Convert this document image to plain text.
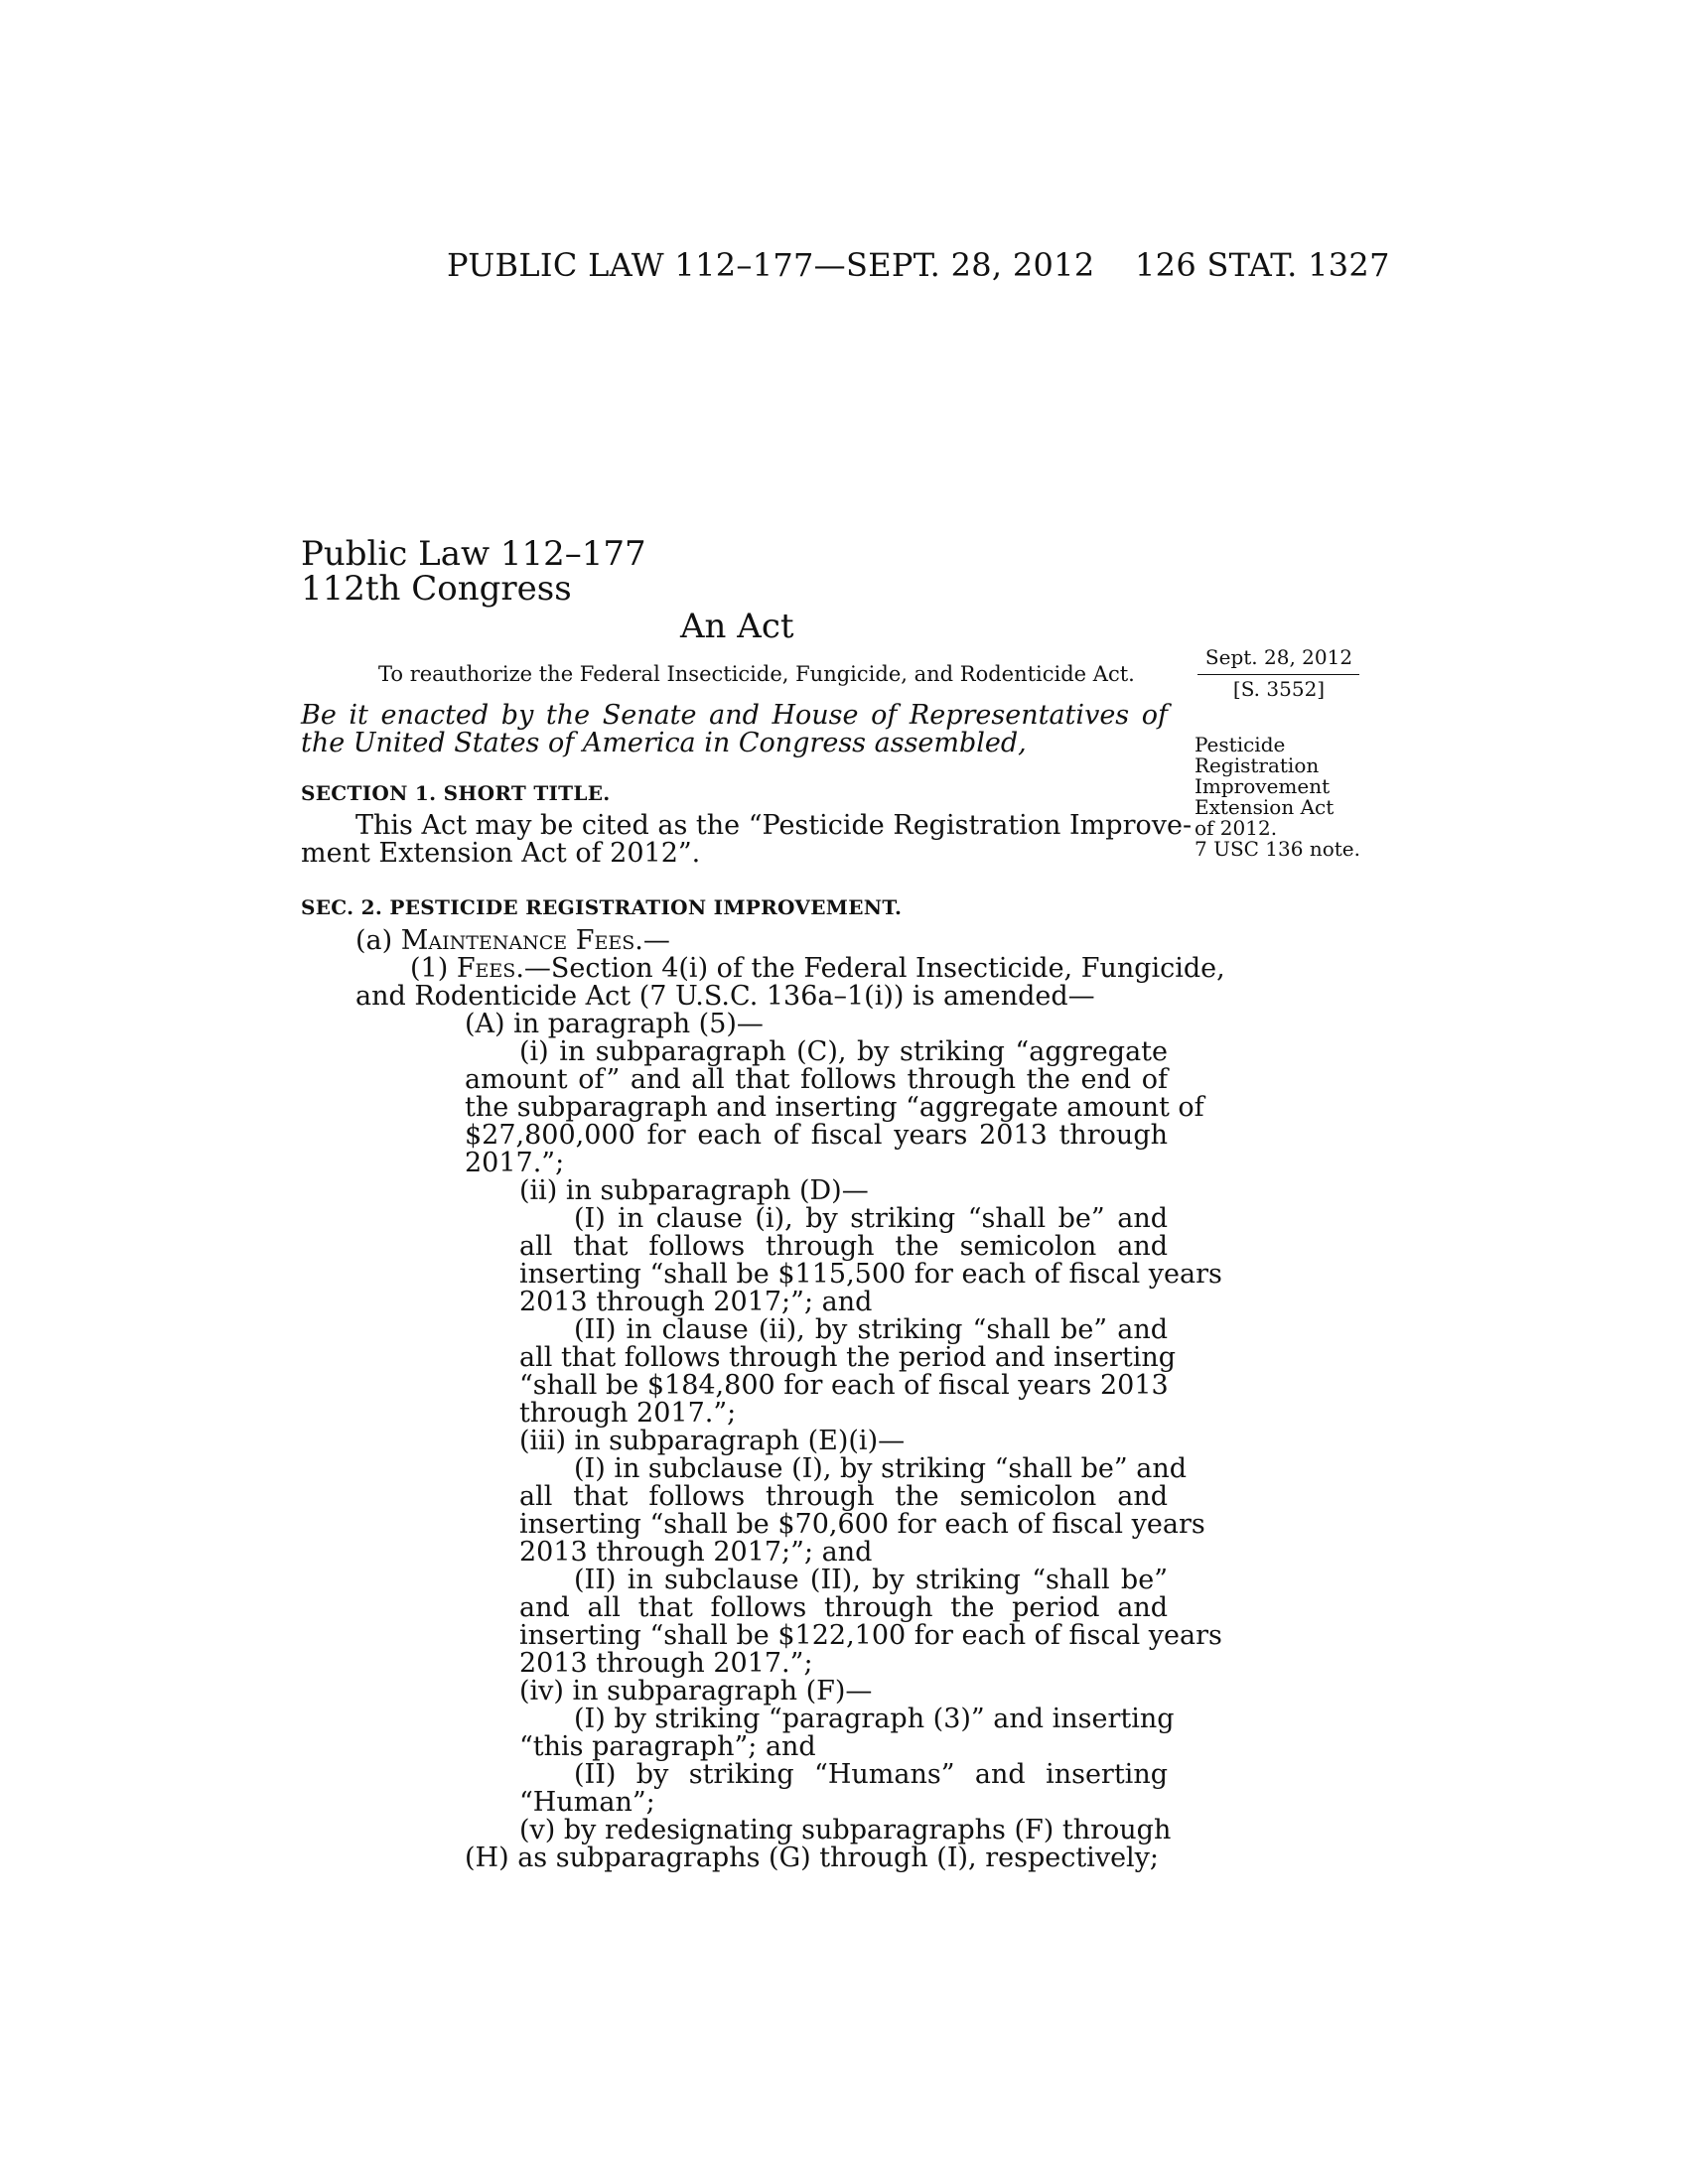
PUBLIC LAW 112–177—SEPT. 28, 2012 126 STAT. 1327
Public Law 112–177
112th Congress
An Act
To reauthorize the Federal Insecticide, Fungicide, and Rodenticide Act.
Sept. 28, 2012
[S. 3552]
Pesticide
Registration
Improvement
Extension Act
of 2012.
7 USC 136 note.
Be it enacted by the Senate and House of Representatives of
the United States of America in Congress assembled,
SECTION 1. SHORT TITLE.
This Act may be cited as the “Pesticide Registration Improve-
ment Extension Act of 2012”.
SEC. 2. PESTICIDE REGISTRATION IMPROVEMENT.
(a) Maintenance Fees.—
(1) Fees.—Section 4(i) of the Federal Insecticide, Fungicide,
and Rodenticide Act (7 U.S.C. 136a–1(i)) is amended—
(A) in paragraph (5)—
(i) in subparagraph (C), by striking “aggregate
amount of” and all that follows through the end of
the subparagraph and inserting “aggregate amount of
$27,800,000 for each of fiscal years 2013 through
2017.”;
(ii) in subparagraph (D)—
(I) in clause (i), by striking “shall be” and
all that follows through the semicolon and
inserting “shall be $115,500 for each of fiscal years
2013 through 2017;”; and
(II) in clause (ii), by striking “shall be” and
all that follows through the period and inserting
“shall be $184,800 for each of fiscal years 2013
through 2017.”;
(iii) in subparagraph (E)(i)—
(I) in subclause (I), by striking “shall be” and
all that follows through the semicolon and
inserting “shall be $70,600 for each of fiscal years
2013 through 2017;”; and
(II) in subclause (II), by striking “shall be”
and all that follows through the period and
inserting “shall be $122,100 for each of fiscal years
2013 through 2017.”;
(iv) in subparagraph (F)—
(I) by striking “paragraph (3)” and inserting
“this paragraph”; and
(II) by striking “Humans” and inserting
“Human”;
(v) by redesignating subparagraphs (F) through
(H) as subparagraphs (G) through (I), respectively;
